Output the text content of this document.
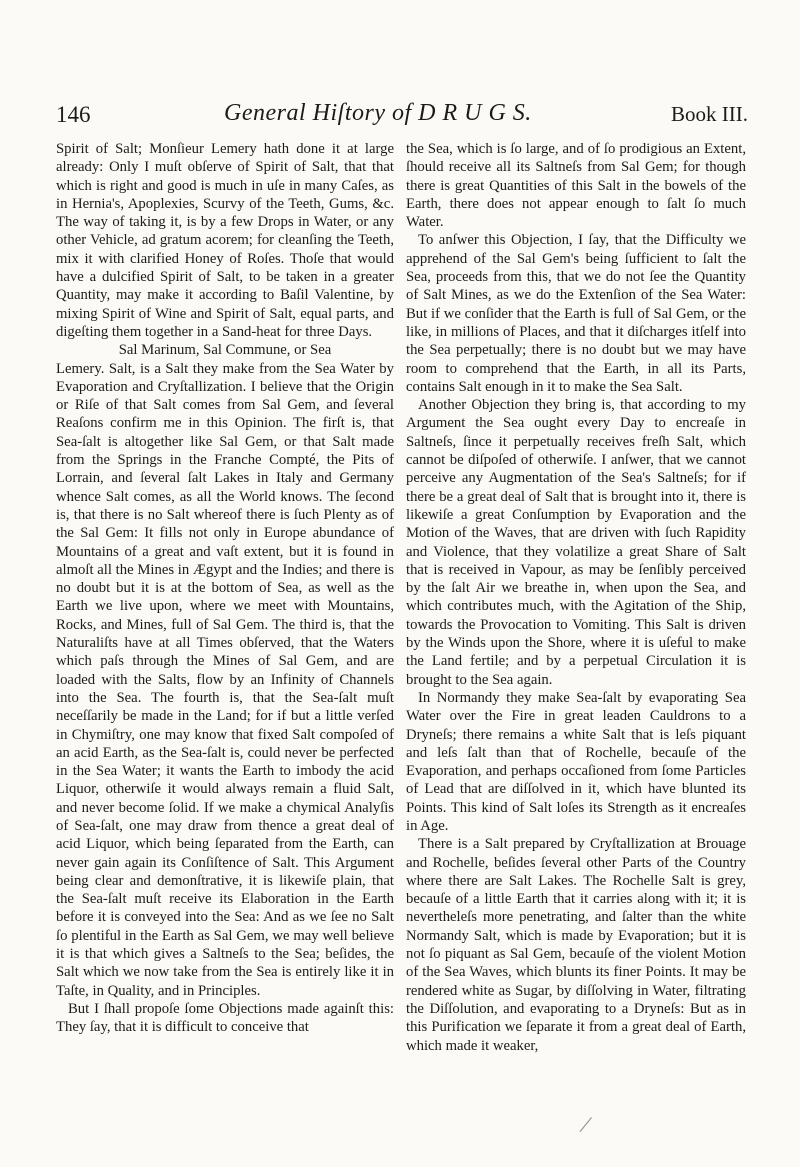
146	General Hiſtory of D R U G S.	Book III.

Spirit of Salt; Monſieur Lemery hath done it at large already: Only I muſt obſerve of Spirit of Salt, that that which is right and good is much in uſe in many Caſes, as in Hernia's, Apoplexies, Scurvy of the Teeth, Gums, &c. The way of taking it, is by a few Drops in Water, or any other Vehicle, ad gratum acorem; for cleanſing the Teeth, mix it with clarified Honey of Roſes. Thoſe that would have a dulcified Spirit of Salt, to be taken in a greater Quantity, may make it according to Baſil Valentine, by mixing Spirit of Wine and Spirit of Salt, equal parts, and digeſting them together in a Sand-heat for three Days.

Sal Marinum, Sal Commune, or Sea

Lemery. Salt, is a Salt they make from the Sea Water by Evaporation and Cryſtallization. I believe that the Origin or Riſe of that Salt comes from Sal Gem, and ſeveral Reaſons confirm me in this Opinion. The firſt is, that Sea-ſalt is altogether like Sal Gem, or that Salt made from the Springs in the Franche Compté, the Pits of Lorrain, and ſeveral ſalt Lakes in Italy and Germany whence Salt comes, as all the World knows. The ſecond is, that there is no Salt whereof there is ſuch Plenty as of the Sal Gem: It fills not only in Europe abundance of Mountains of a great and vaſt extent, but it is found in almoſt all the Mines in Ægypt and the Indies; and there is no doubt but it is at the bottom of Sea, as well as the Earth we live upon, where we meet with Mountains, Rocks, and Mines, full of Sal Gem. The third is, that the Naturaliſts have at all Times obſerved, that the Waters which paſs through the Mines of Sal Gem, and are loaded with the Salts, flow by an Infinity of Channels into the Sea. The fourth is, that the Sea-ſalt muſt neceſſarily be made in the Land; for if but a little verſed in Chymiſtry, one may know that fixed Salt compoſed of an acid Earth, as the Sea-ſalt is, could never be perfected in the Sea Water; it wants the Earth to imbody the acid Liquor, otherwiſe it would always remain a fluid Salt, and never become ſolid. If we make a chymical Analyſis of Sea-ſalt, one may draw from thence a great deal of acid Liquor, which being ſeparated from the Earth, can never gain again its Conſiſtence of Salt. This Argument being clear and demonſtrative, it is likewiſe plain, that the Sea-ſalt muſt receive its Elaboration in the Earth before it is conveyed into the Sea: And as we ſee no Salt ſo plentiful in the Earth as Sal Gem, we may well believe it is that which gives a Saltneſs to the Sea; beſides, the Salt which we now take from the Sea is entirely like it in Taſte, in Quality, and in Principles.

But I ſhall propoſe ſome Objections made againſt this: They ſay, that it is difficult to conceive that

the Sea, which is ſo large, and of ſo prodigious an Extent, ſhould receive all its Saltneſs from Sal Gem; for though there is great Quantities of this Salt in the bowels of the Earth, there does not appear enough to ſalt ſo much Water.

To anſwer this Objection, I ſay, that the Difficulty we apprehend of the Sal Gem's being ſufficient to ſalt the Sea, proceeds from this, that we do not ſee the Quantity of Salt Mines, as we do the Extenſion of the Sea Water: But if we conſider that the Earth is full of Sal Gem, or the like, in millions of Places, and that it diſcharges itſelf into the Sea perpetually; there is no doubt but we may have room to comprehend that the Earth, in all its Parts, contains Salt enough in it to make the Sea Salt.

Another Objection they bring is, that according to my Argument the Sea ought every Day to encreaſe in Saltneſs, ſince it perpetually receives freſh Salt, which cannot be diſpoſed of otherwiſe. I anſwer, that we cannot perceive any Augmentation of the Sea's Saltneſs; for if there be a great deal of Salt that is brought into it, there is likewiſe a great Conſumption by Evaporation and the Motion of the Waves, that are driven with ſuch Rapidity and Violence, that they volatilize a great Share of Salt that is received in Vapour, as may be ſenſibly perceived by the ſalt Air we breathe in, when upon the Sea, and which contributes much, with the Agitation of the Ship, towards the Provocation to Vomiting. This Salt is driven by the Winds upon the Shore, where it is uſeful to make the Land fertile; and by a perpetual Circulation it is brought to the Sea again.

In Normandy they make Sea-ſalt by evaporating Sea Water over the Fire in great leaden Cauldrons to a Dryneſs; there remains a white Salt that is leſs piquant and leſs ſalt than that of Rochelle, becauſe of the Evaporation, and perhaps occaſioned from ſome Particles of Lead that are diſſolved in it, which have blunted its Points. This kind of Salt loſes its Strength as it encreaſes in Age.

There is a Salt prepared by Cryſtallization at Brouage and Rochelle, beſides ſeveral other Parts of the Country where there are Salt Lakes. The Rochelle Salt is grey, becauſe of a little Earth that it carries along with it; it is nevertheleſs more penetrating, and ſalter than the white Normandy Salt, which is made by Evaporation; but it is not ſo piquant as Sal Gem, becauſe of the violent Motion of the Sea Waves, which blunts its finer Points. It may be rendered white as Sugar, by diſſolving in Water, filtrating the Diſſolution, and evaporating to a Dryneſs: But as in this Purification we ſeparate it from a great deal of Earth, which made it weaker,

/
